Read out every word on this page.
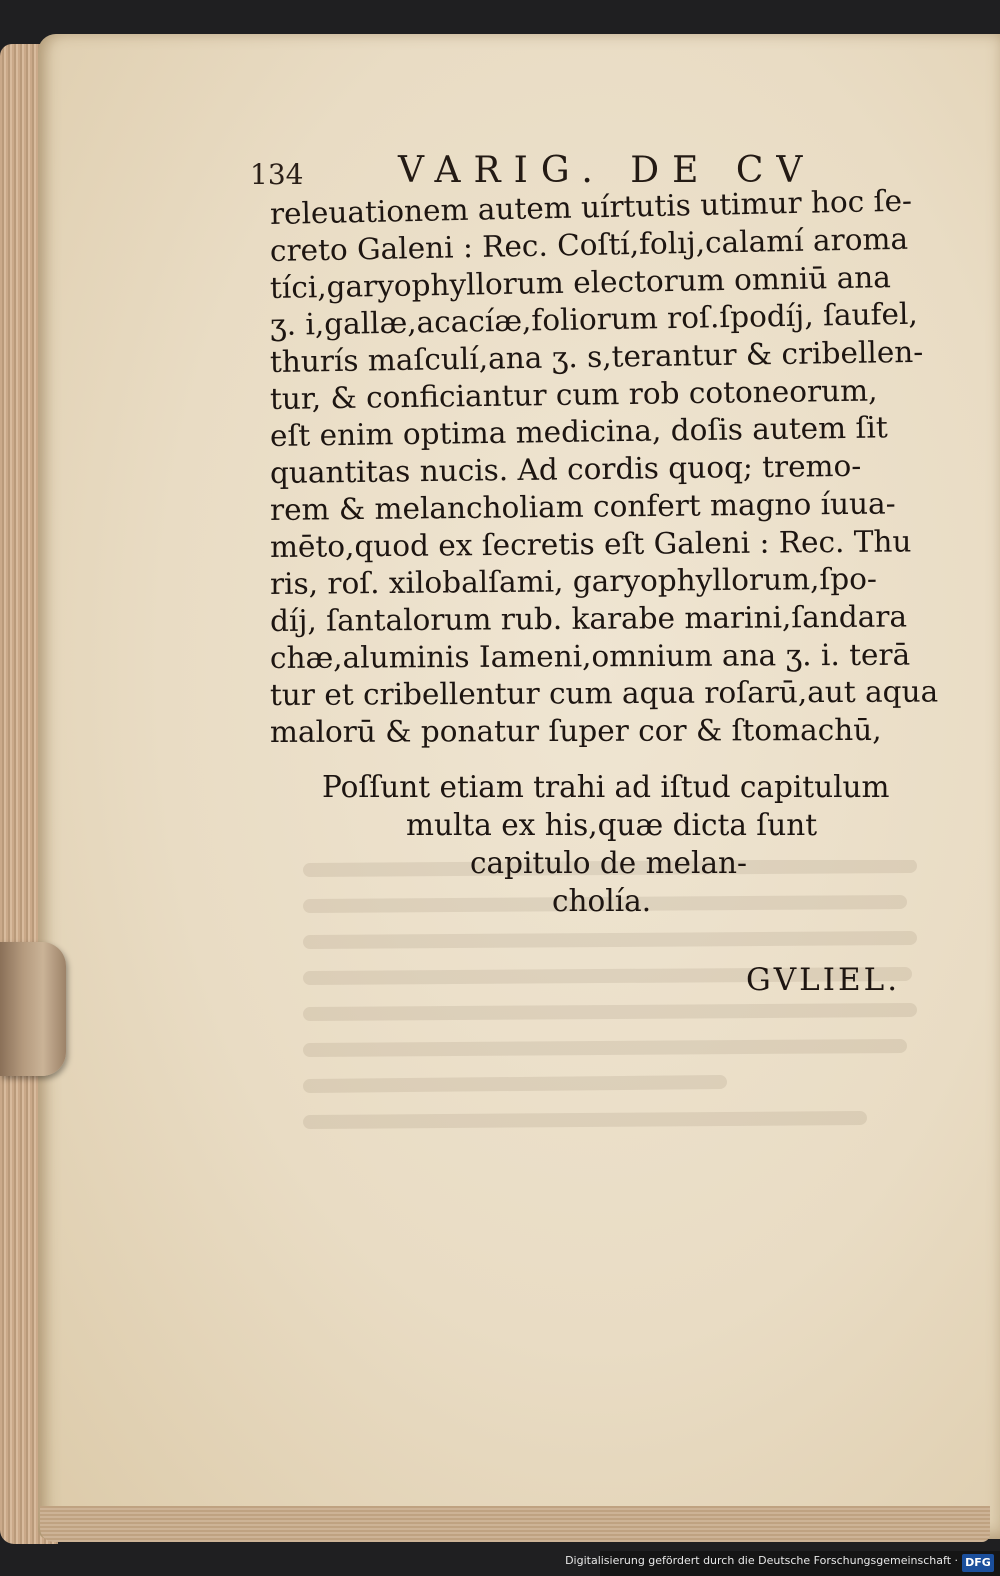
134	VARIG. DE CV
releuationem autem uírtutis utimur hoc ſe-
creto Galeni : Rec. Coſtí,folıj,calamí aroma
tíci,garyophyllorum electorum omniū ana
ʒ. i,gallæ,acacíæ,foliorum roſ.ſpodíj, ſaufel,
thurís maſculí,ana ʒ. s,terantur & cribellen-
tur, & conficiantur cum rob cotoneorum,
eſt enim optima medicina, doſis autem ſit
quantitas nucis. Ad cordis quoq; tremo-
rem & melancholiam confert magno íuua-
mēto,quod ex ſecretis eſt Galeni : Rec. Thu
ris, roſ. xilobalſami, garyophyllorum,ſpo-
díj, ſantalorum rub. karabe marini,ſandara
chæ,aluminis Iameni,omnium ana ʒ. i. terā
tur et cribellentur cum aqua roſarū,aut aqua
malorū & ponatur ſuper cor & ſtomachū,
Poſſunt etiam trahi ad iſtud capitulum
multa ex his,quæ dicta ſunt
capitulo de melan-
cholía.
GVLIEL.
Digitalisierung gefördert durch die Deutsche Forschungsgemeinschaft · DFG
